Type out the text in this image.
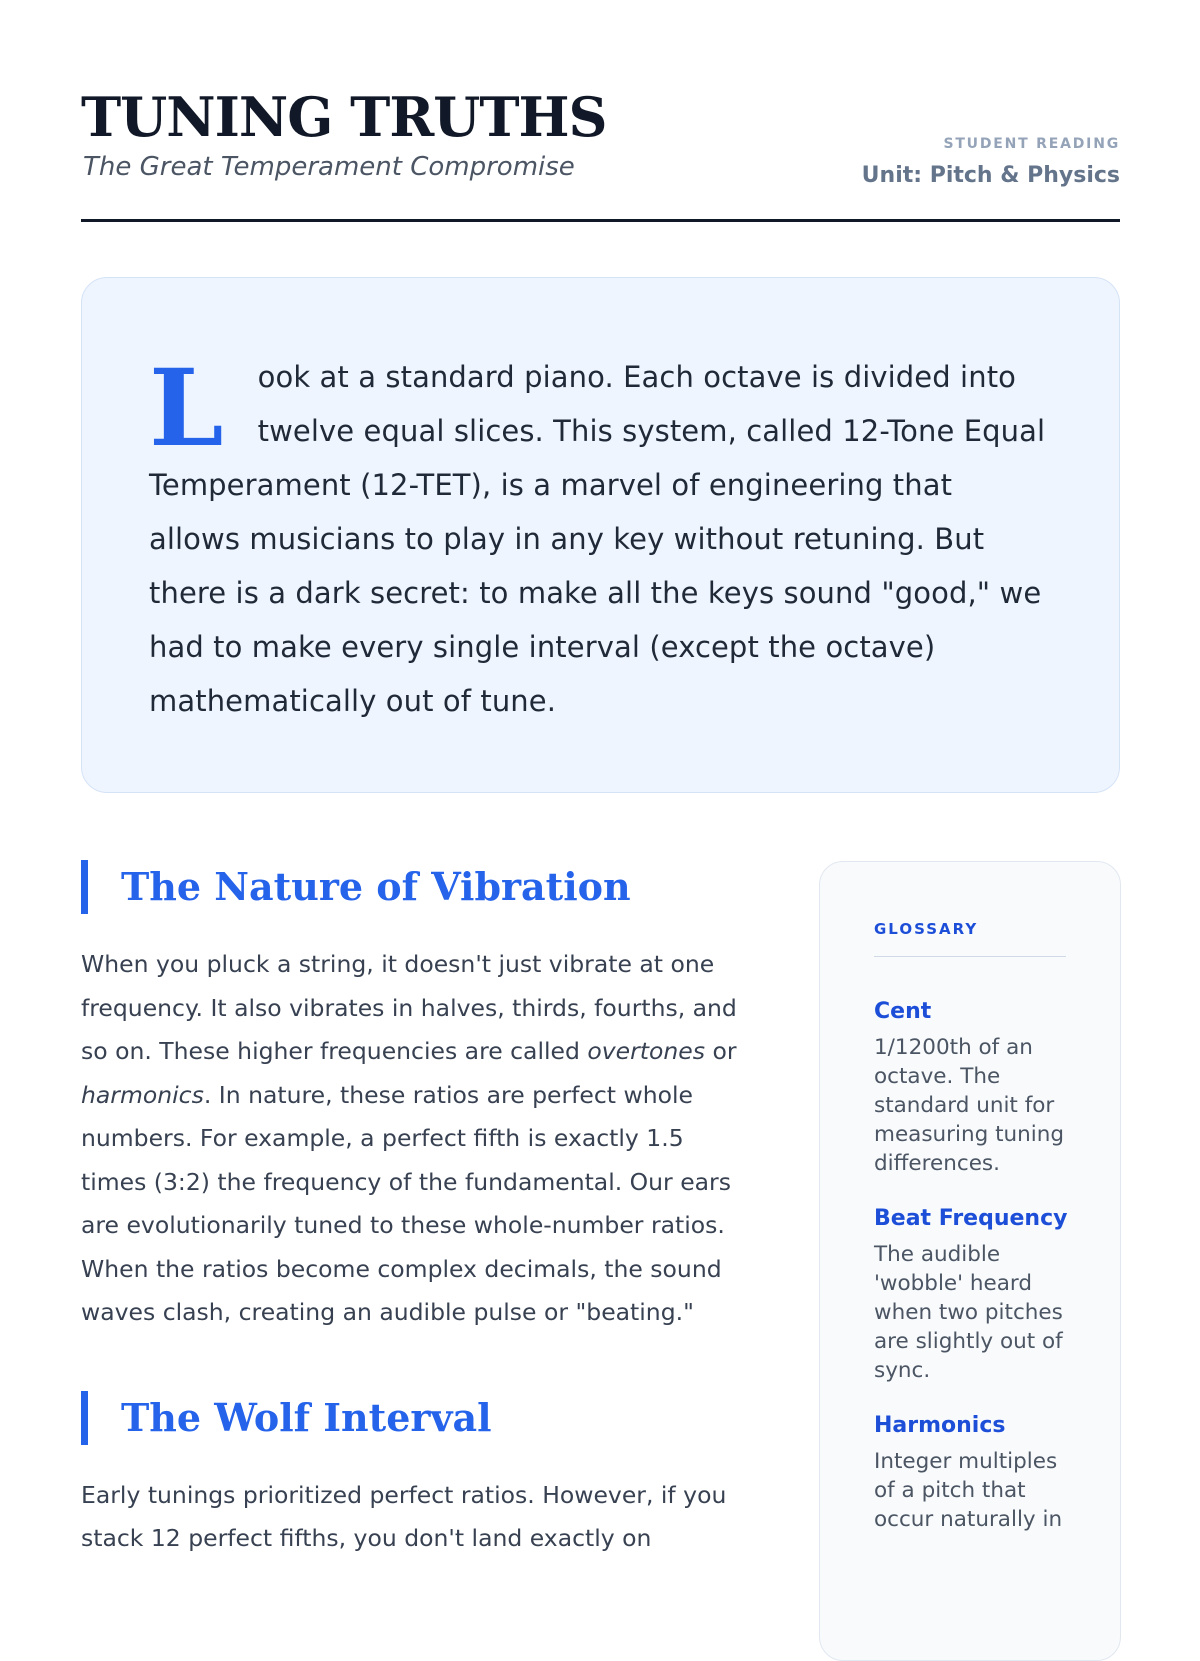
TUNING TRUTHS

The Great Temperament Compromise

STUDENT READING
Unit: Pitch & Physics

L ook at a standard piano. Each octave is divided into twelve equal slices. This system, called 12-Tone Equal Temperament (12-TET), is a marvel of engineering that allows musicians to play in any key without retuning. But there is a dark secret: to make all the keys sound "good," we had to make every single interval (except the octave) mathematically out of tune.

The Nature of Vibration

When you pluck a string, it doesn't just vibrate at one frequency. It also vibrates in halves, thirds, fourths, and so on. These higher frequencies are called overtones or harmonics. In nature, these ratios are perfect whole numbers. For example, a perfect fifth is exactly 1.5 times (3:2) the frequency of the fundamental. Our ears are evolutionarily tuned to these whole-number ratios. When the ratios become complex decimals, the sound waves clash, creating an audible pulse or "beating."

The Wolf Interval

Early tunings prioritized perfect ratios. However, if you stack 12 perfect fifths, you don't land exactly on

GLOSSARY
Cent
1/1200th of an octave. The standard unit for measuring tuning differences.
Beat Frequency
The audible 'wobble' heard when two pitches are slightly out of sync.
Harmonics
Integer multiples of a pitch that occur naturally in
